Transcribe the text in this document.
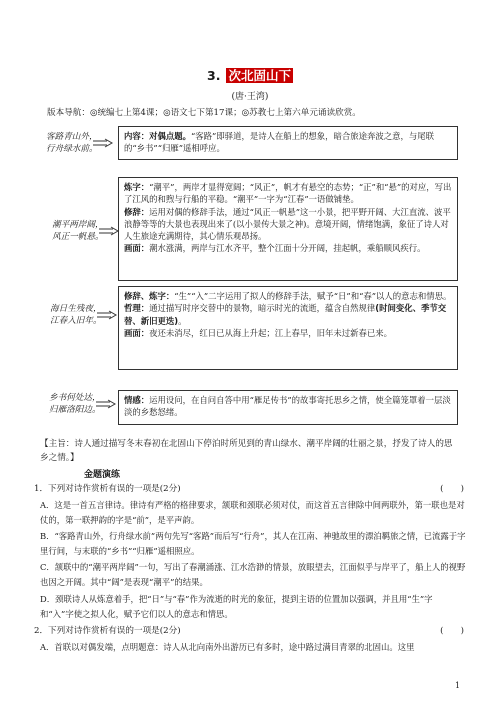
3. 次北固山下
(唐·王湾)
版本导航：◎统编七上第4课；◎语文七下第17课；◎苏教七上第六单元诵读欣赏。
客路青山外，
行舟绿水前。

内容：对偶点题。“客路”即驿道，是诗人在船上的想象，暗合旅途奔波之意，与尾联的“乡书”“归雁”遥相呼应。

潮平两岸阔，
风正一帆悬。

炼字：“潮平”，两岸才显得宽阔；“风正”，帆才有悬空的态势；“正”和“悬”的对应，写出了江风的和煦与行船的平稳。“潮平”一字为“江春”一语做铺垫。

修辞：运用对偶的修辞手法，通过“风正一帆悬”这一小景，把平野开阔、大江直流、波平浪静等等的大景也表现出来了(以小景传大景之神)。意境开阔，情绪饱满，象征了诗人对人生旅途充满期待，其心情乐观昂扬。

画面：潮水涨满，两岸与江水齐平，整个江面十分开阔，挂起帆，乘船顺风疾行。

海日生残夜，
江春入旧年。

修辞、炼字：“生”“入”二字运用了拟人的修辞手法，赋予“日”和“春”以人的意志和情思。

哲理：通过描写时序交替中的景物，暗示时光的流逝，蕴含自然规律(时间变化、季节交替、新旧更迭)。

画面：夜还未消尽，红日已从海上升起；江上春早，旧年未过新春已来。

乡书何处达，
归雁洛阳边。

情感：运用设问，在自问自答中用“雁足传书”的故事寄托思乡之情，使全篇笼罩着一层淡淡的乡愁怒绪。

【主旨：诗人通过描写冬末春初在北固山下停泊时所见到的青山绿水、潮平岸阔的壮丽之景，抒发了诗人的思乡之情。】
金题演练
1．下列对诗作赏析有误的一项是(2分)	(　　)
A．这是一首五言律诗。律诗有严格的格律要求，颔联和颈联必须对仗，而这首五言律除中间两联外，第一联也是对仗的，第一联押韵的字是“前”，是平声韵。
B．“客路青山外，行舟绿水前”两句先写“客路”而后写“行舟”，其人在江南、神驰故里的漂泊羁旅之情，已流露于字里行间，与末联的“乡书”“归雁”遥相照应。
C．颔联中的“潮平两岸阔”一句，写出了春潮涌涨、江水浩渺的情景，放眼望去，江面似乎与岸平了，船上人的视野也因之开阔。其中“阔”是表现“潮平”的结果。
D．颈联诗人从炼意着手，把“日”与“春”作为流逝的时光的象征，提到主语的位置加以强调，并且用“生”字和“入”字使之拟人化，赋予它们以人的意志和情思。
2．下列对诗作赏析有误的一项是(2分)	(　　)
A．首联以对偶发端，点明题意：诗人从北向南外出游历已有多时，途中路过满目青翠的北固山。这里
1
